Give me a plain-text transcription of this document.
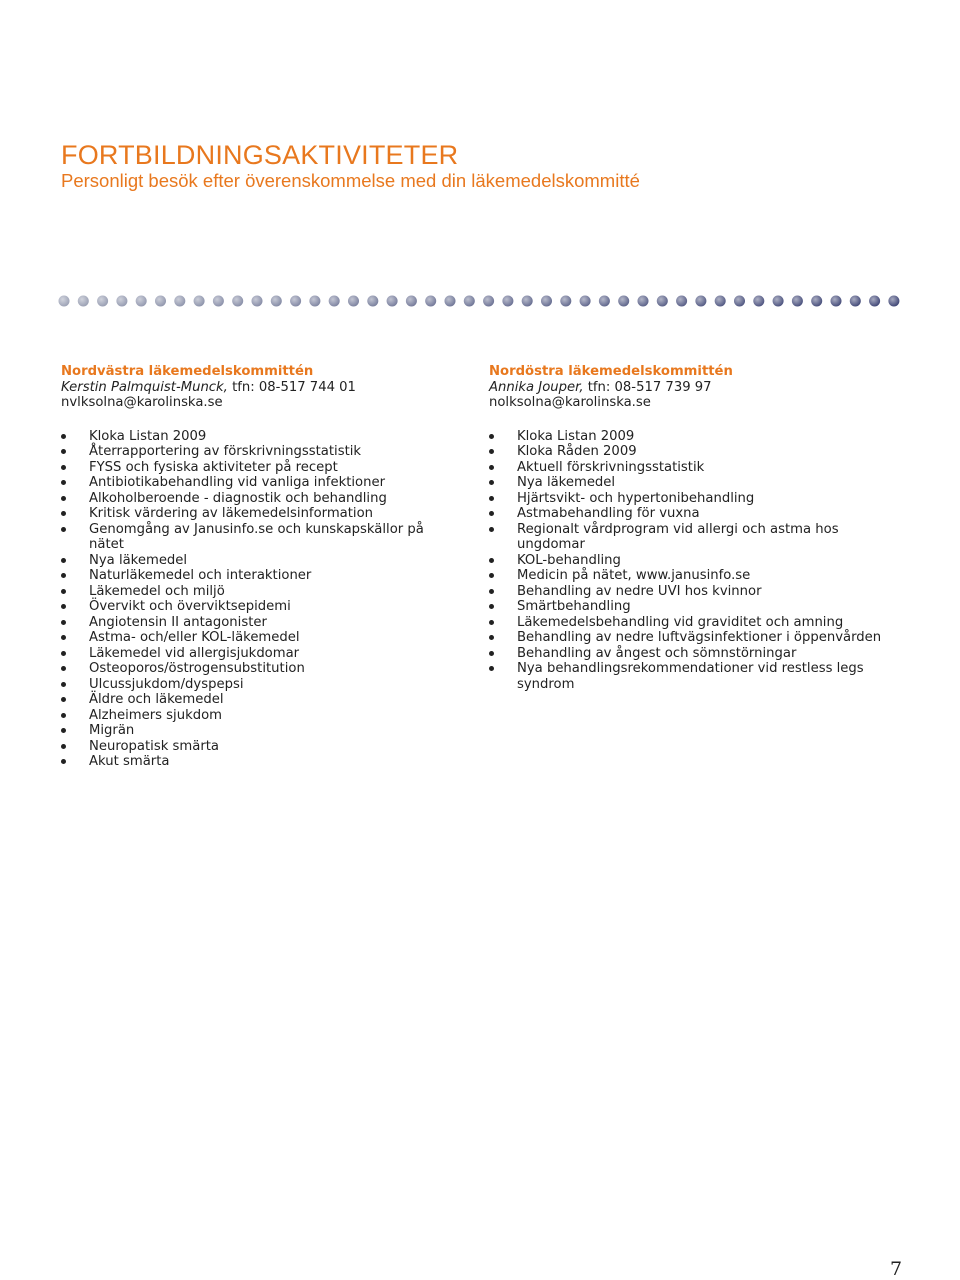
FORTBILDNINGSAKTIVITETER

Personligt besök efter överenskommelse med din läkemedelskommitté

Nordvästra läkemedelskommittén

Kerstin Palmquist-Munck, tfn: 08-517 744 01

nvlksolna@karolinska.se

Kloka Listan 2009
Återrapportering av förskrivningsstatistik
FYSS och fysiska aktiviteter på recept
Antibiotikabehandling vid vanliga infektioner
Alkoholberoende - diagnostik och behandling
Kritisk värdering av läkemedelsinformation
Genomgång av Janusinfo.se och kunskapskällor på nätet
Nya läkemedel
Naturläkemedel och interaktioner
Läkemedel och miljö
Övervikt och överviktsepidemi
Angiotensin II antagonister
Astma- och/eller KOL-läkemedel
Läkemedel vid allergisjukdomar
Osteoporos/östrogensubstitution
Ulcussjukdom/dyspepsi
Äldre och läkemedel
Alzheimers sjukdom
Migrän
Neuropatisk smärta
Akut smärta

Nordöstra läkemedelskommittén

Annika Jouper, tfn: 08-517 739 97

nolksolna@karolinska.se

Kloka Listan 2009
Kloka Råden 2009
Aktuell förskrivningsstatistik
Nya läkemedel
Hjärtsvikt- och hypertonibehandling
Astmabehandling för vuxna
Regionalt vårdprogram vid allergi och astma hos ungdomar
KOL-behandling
Medicin på nätet, www.janusinfo.se
Behandling av nedre UVI hos kvinnor
Smärtbehandling
Läkemedelsbehandling vid graviditet och amning
Behandling av nedre luftvägsinfektioner i öppenvården
Behandling av ångest och sömnstörningar
Nya behandlingsrekommendationer vid restless legs syndrom
7
